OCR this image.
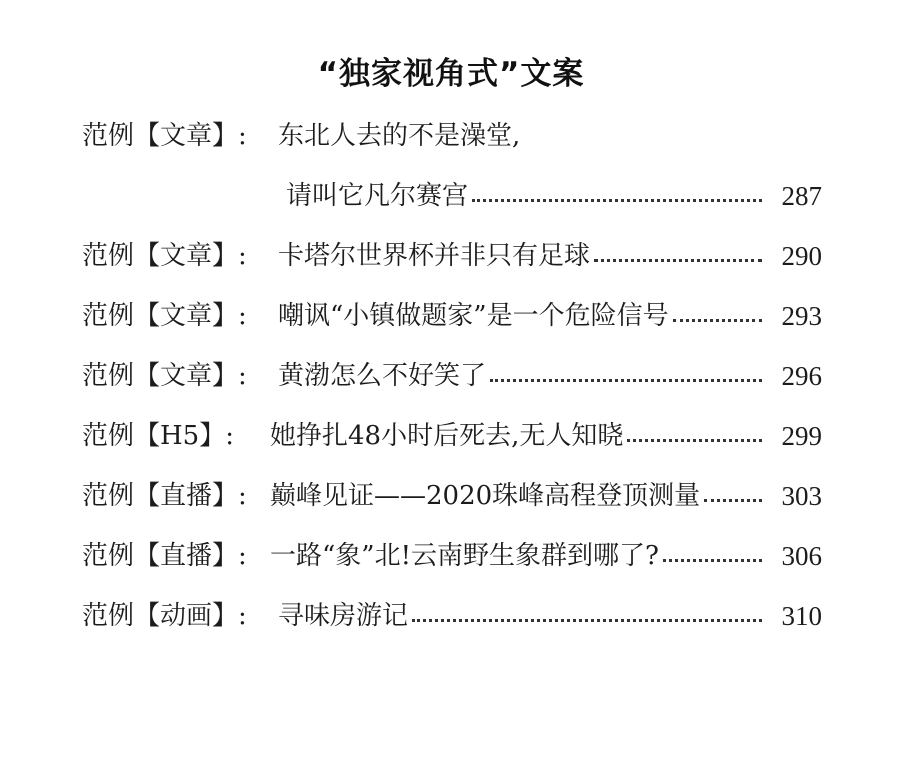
“独家视角式”文案
范例【文章】: 东北人去的不是澡堂,
请叫它凡尔赛宫	287
范例【文章】: 卡塔尔世界杯并非只有足球	290
范例【文章】: 嘲讽“小镇做题家”是一个危险信号	293
范例【文章】: 黄渤怎么不好笑了	296
范例【H5】: 她挣扎48小时后死去,无人知晓	299
范例【直播】: 巅峰见证——2020珠峰高程登顶测量	303
范例【直播】: 一路“象”北!云南野生象群到哪了?	306
范例【动画】: 寻味房游记	310
